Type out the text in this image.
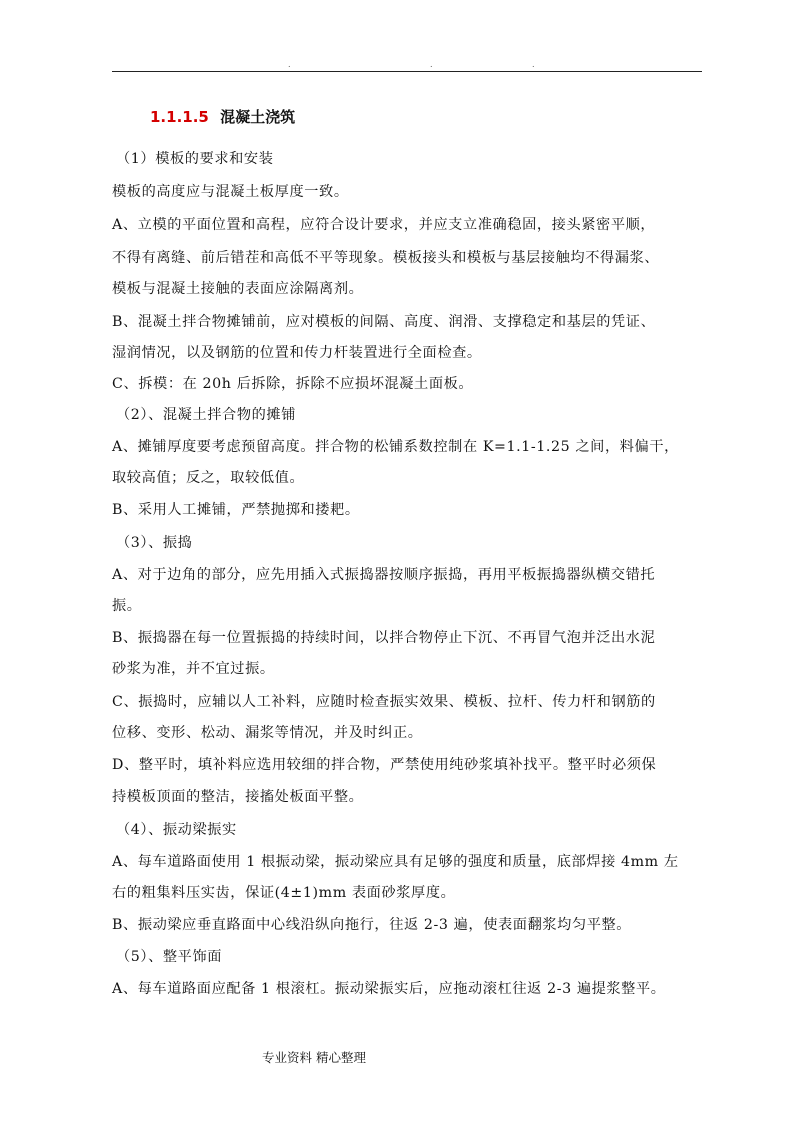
.	.	.
1.1.1.5 混凝土浇筑
（1）模板的要求和安装
模板的高度应与混凝土板厚度一致。
A、立模的平面位置和高程，应符合设计要求，并应支立准确稳固，接头紧密平顺，
不得有离缝、前后错茬和高低不平等现象。模板接头和模板与基层接触均不得漏浆、
模板与混凝土接触的表面应涂隔离剂。
B、混凝土拌合物摊铺前，应对模板的间隔、高度、润滑、支撑稳定和基层的凭证、
湿润情况，以及钢筋的位置和传力杆装置进行全面检查。
C、拆模：在 20h 后拆除，拆除不应损坏混凝土面板。
（2）、混凝土拌合物的摊铺
A、摊铺厚度要考虑预留高度。拌合物的松铺系数控制在 K=1.1-1.25 之间，料偏干，
取较高值；反之，取较低值。
B、采用人工摊铺，严禁抛掷和搂耙。
（3）、振捣
A、对于边角的部分，应先用插入式振捣器按顺序振捣，再用平板振捣器纵横交错托
振。
B、振捣器在每一位置振捣的持续时间，以拌合物停止下沉、不再冒气泡并泛出水泥
砂浆为准，并不宜过振。
C、振捣时，应辅以人工补料，应随时检查振实效果、模板、拉杆、传力杆和钢筋的
位移、变形、松动、漏浆等情况，并及时纠正。
D、整平时，填补料应选用较细的拌合物，严禁使用纯砂浆填补找平。整平时必须保
持模板顶面的整洁，接搐处板面平整。
（4）、振动梁振实
A、每车道路面使用 1 根振动梁，振动梁应具有足够的强度和质量，底部焊接 4mm 左
右的粗集料压实齿，保证(4±1)mm 表面砂浆厚度。
B、振动梁应垂直路面中心线沿纵向拖行，往返 2-3 遍，使表面翻浆均匀平整。
（5）、整平饰面
A、每车道路面应配备 1 根滚杠。振动梁振实后，应拖动滚杠往返 2-3 遍提浆整平。
专业资料 精心整理
